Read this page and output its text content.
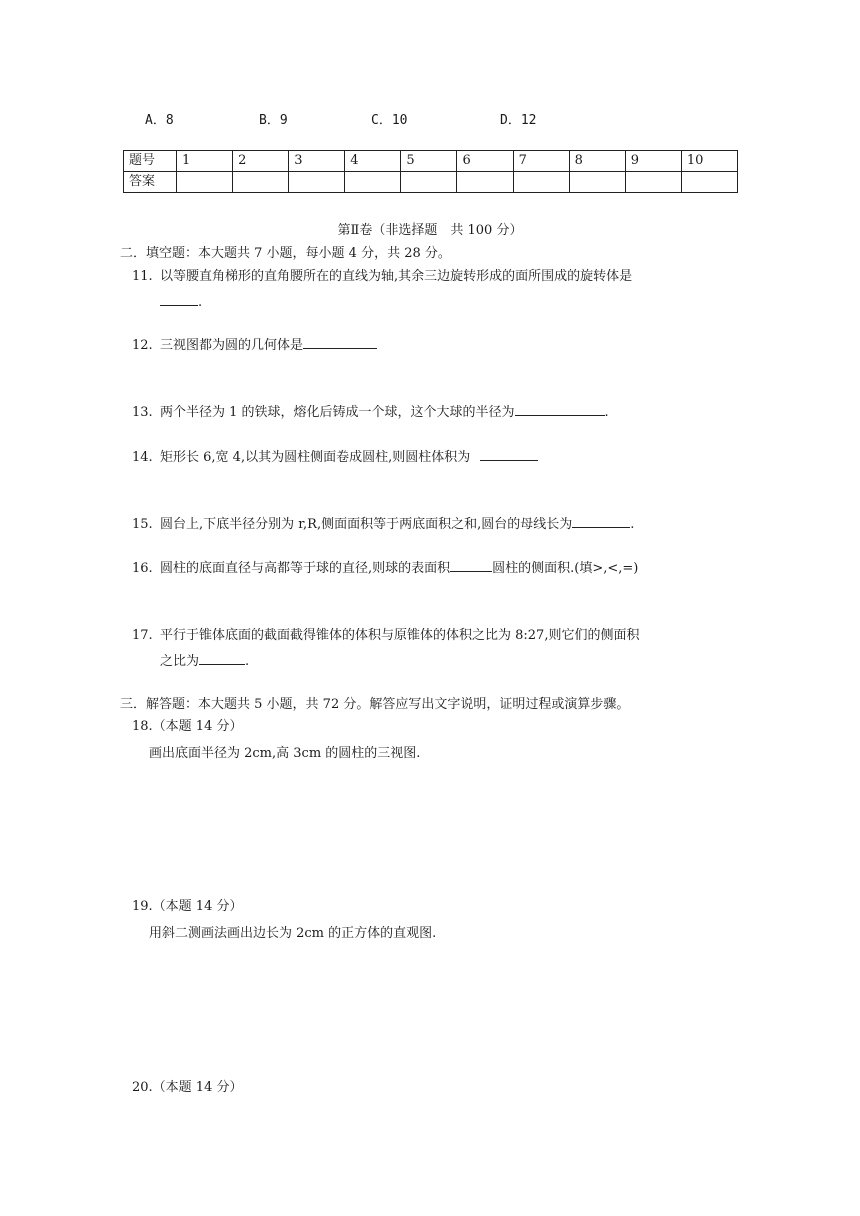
A．8	B．9	C．10	D．12
题号	1	2	3	4	5	6	7	8	9	10
答案										
第Ⅱ卷（非选择题　共 100 分）
二．填空题：本大题共 7 小题，每小题 4 分，共 28 分。
11. 以等腰直角梯形的直角腰所在的直线为轴,其余三边旋转形成的面所围成的旋转体是
.
12. 三视图都为圆的几何体是
13. 两个半径为 1 的铁球，熔化后铸成一个球，这个大球的半径为	.
14. 矩形长 6,宽 4,以其为圆柱侧面卷成圆柱,则圆柱体积为
15. 圆台上,下底半径分别为 r,R,侧面面积等于两底面积之和,圆台的母线长为	.
16. 圆柱的底面直径与高都等于球的直径,则球的表面积	圆柱的侧面积.(填>,<,=)
17. 平行于锥体底面的截面截得锥体的体积与原锥体的体积之比为 8:27,则它们的侧面积
之比为	.
三．解答题：本大题共 5 小题，共 72 分。解答应写出文字说明，证明过程或演算步骤。
18.（本题 14 分）
画出底面半径为 2cm,高 3cm 的圆柱的三视图.
19.（本题 14 分）
用斜二测画法画出边长为 2cm 的正方体的直观图.
20.（本题 14 分）
